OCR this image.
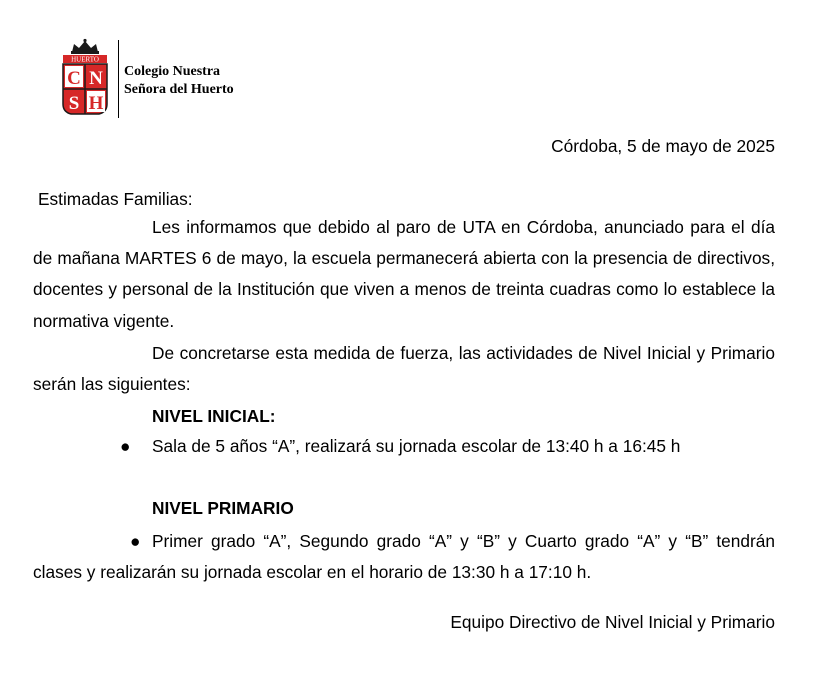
HUERTO
C N
S H
Colegio Nuestra
Señora del Huerto
Córdoba, 5 de mayo de 2025
Estimadas Familias:

Les informamos que debido al paro de UTA en Córdoba, anunciado para el día de mañana MARTES 6 de mayo, la escuela permanecerá abierta con la presencia de directivos, docentes y personal de la Institución que viven a menos de treinta cuadras como lo establece la normativa vigente.

De concretarse esta medida de fuerza, las actividades de Nivel Inicial y Primario serán las siguientes:

NIVEL INICIAL:
● Sala de 5 años “A”, realizará su jornada escolar de 13:40 h a 16:45 h
NIVEL PRIMARIO
● Primer grado “A”, Segundo grado “A” y “B” y Cuarto grado “A” y “B” tendrán clases y realizarán su jornada escolar en el horario de 13:30 h a 17:10 h.
Equipo Directivo de Nivel Inicial y Primario
